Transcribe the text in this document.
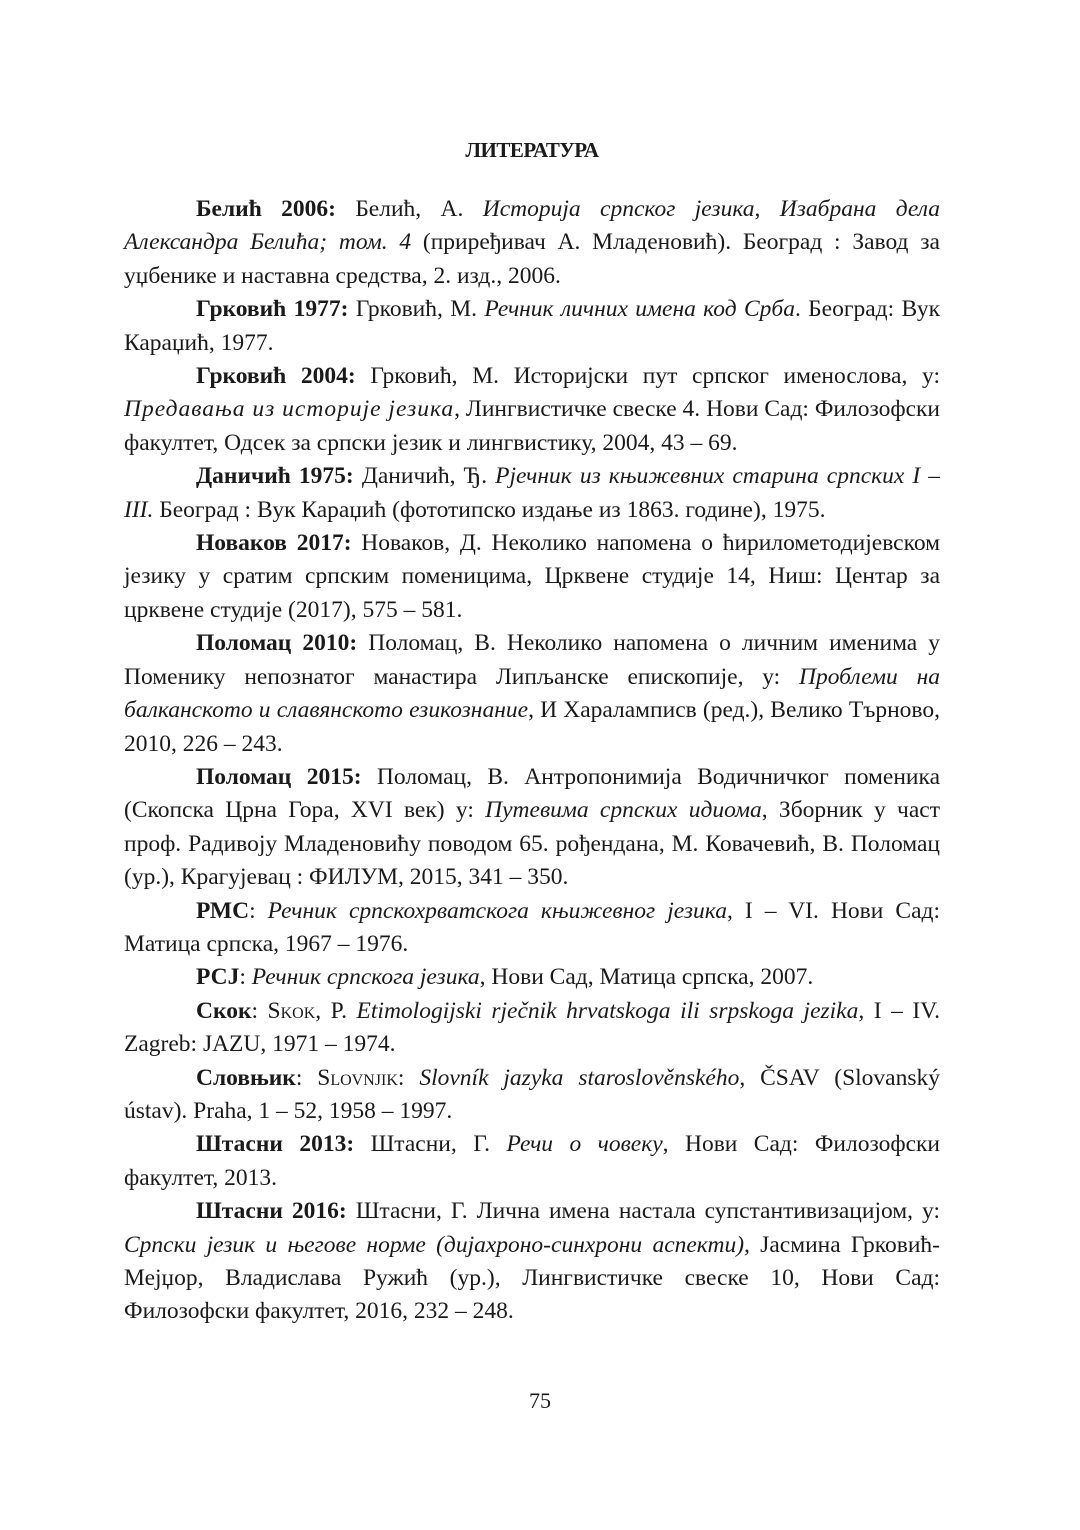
ЛИТЕРАТУРА

Белић 2006: Белић, А. Историја српског језика, Изабрана дела Александра Белића; том. 4 (приређивач А. Младеновић). Београд : Завод за уџбенике и наставна средства, 2. изд., 2006.

Грковић 1977: Грковић, М. Речник личних имена код Срба. Београд: Вук Караџић, 1977.

Грковић 2004: Грковић, М. Историјски пут српског именослова, у: Предавања из историје језика, Лингвистичке свеске 4. Нови Сад: Филозофски факултет, Одсек за српски језик и лингвистику, 2004, 43 – 69.

Даничић 1975: Даничић, Ђ. Рјечник из књижевних старина српских I – III. Београд : Вук Караџић (фототипско издање из 1863. године), 1975.

Новаков 2017: Новаков, Д. Неколико напомена о ћирилометодијевском језику у сратим српским поменицима, Црквене студије 14, Ниш: Центар за црквене студије (2017), 575 – 581.

Поломац 2010: Поломац, В. Неколико напомена о личним именима у Поменику непознатог манастира Липљанске епископије, у: Проблеми на балканското и славянското езикознание, И Хараламписв (ред.), Велико Търново, 2010, 226 – 243.

Поломац 2015: Поломац, В. Антропонимија Водичничког поменика (Скопска Црна Гора, XVI век) у: Путевима српских идиома, Зборник у част проф. Радивоју Младеновићу поводом 65. рођендана, М. Ковачевић, В. Поломац (ур.), Крагујевац : ФИЛУМ, 2015, 341 – 350.

РМС: Речник српскохрватскога књижевног језика, I – VI. Нови Сад: Матица српска, 1967 – 1976.

РСЈ: Речник српскога језика, Нови Сад, Матица српска, 2007.

Скок: Skok, P. Etimologijski rječnik hrvatskoga ili srpskoga jezika, I – IV. Zagreb: JAZU, 1971 – 1974.

Словњик: Slovnjik: Slovník jazyka staroslověnského, ČSAV (Slovanský ústav). Praha, 1 – 52, 1958 – 1997.

Штасни 2013: Штасни, Г. Речи о човеку, Нови Сад: Филозофски факултет, 2013.

Штасни 2016: Штасни, Г. Лична имена настала супстантивизацијом, у: Српски језик и његове норме (дијахроно-синхрони аспекти), Јасмина Грковић-Мејџор, Владислава Ружић (ур.), Лингвистичке свеске 10, Нови Сад: Филозофски факултет, 2016, 232 – 248.

75
